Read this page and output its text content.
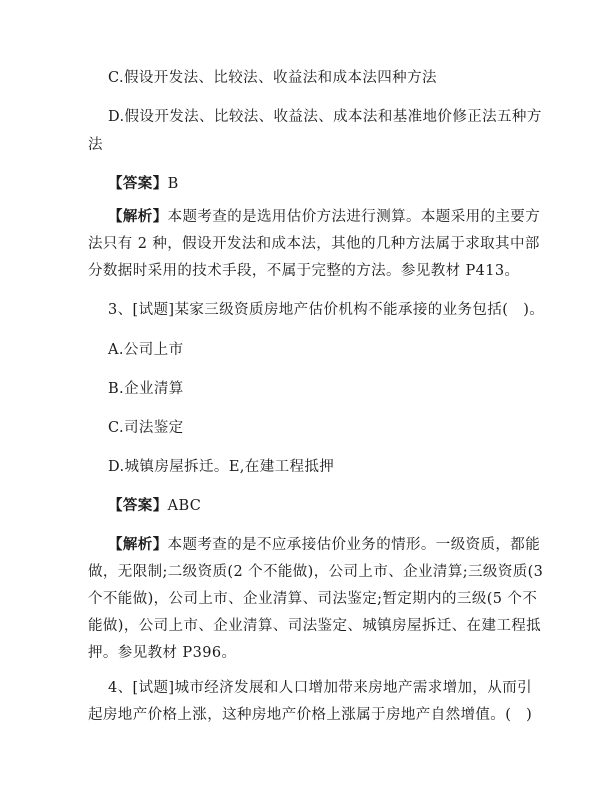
C.假设开发法、比较法、收益法和成本法四种方法
D.假设开发法、比较法、收益法、成本法和基准地价修正法五种方
法
【答案】B
【解析】本题考查的是选用估价方法进行测算。本题采用的主要方
法只有 2 种，假设开发法和成本法，其他的几种方法属于求取其中部
分数据时采用的技术手段，不属于完整的方法。参见教材 P413。
3、[试题]某家三级资质房地产估价机构不能承接的业务包括(　)。
A.公司上市
B.企业清算
C.司法鉴定
D.城镇房屋拆迁。E,在建工程抵押
【答案】ABC
【解析】本题考查的是不应承接估价业务的情形。一级资质，都能
做，无限制;二级资质(2 个不能做)，公司上市、企业清算;三级资质(3
个不能做)，公司上市、企业清算、司法鉴定;暂定期内的三级(5 个不
能做)，公司上市、企业清算、司法鉴定、城镇房屋拆迁、在建工程抵
押。参见教材 P396。
4、[试题]城市经济发展和人口增加带来房地产需求增加，从而引
起房地产价格上涨，这种房地产价格上涨属于房地产自然增值。(　)
